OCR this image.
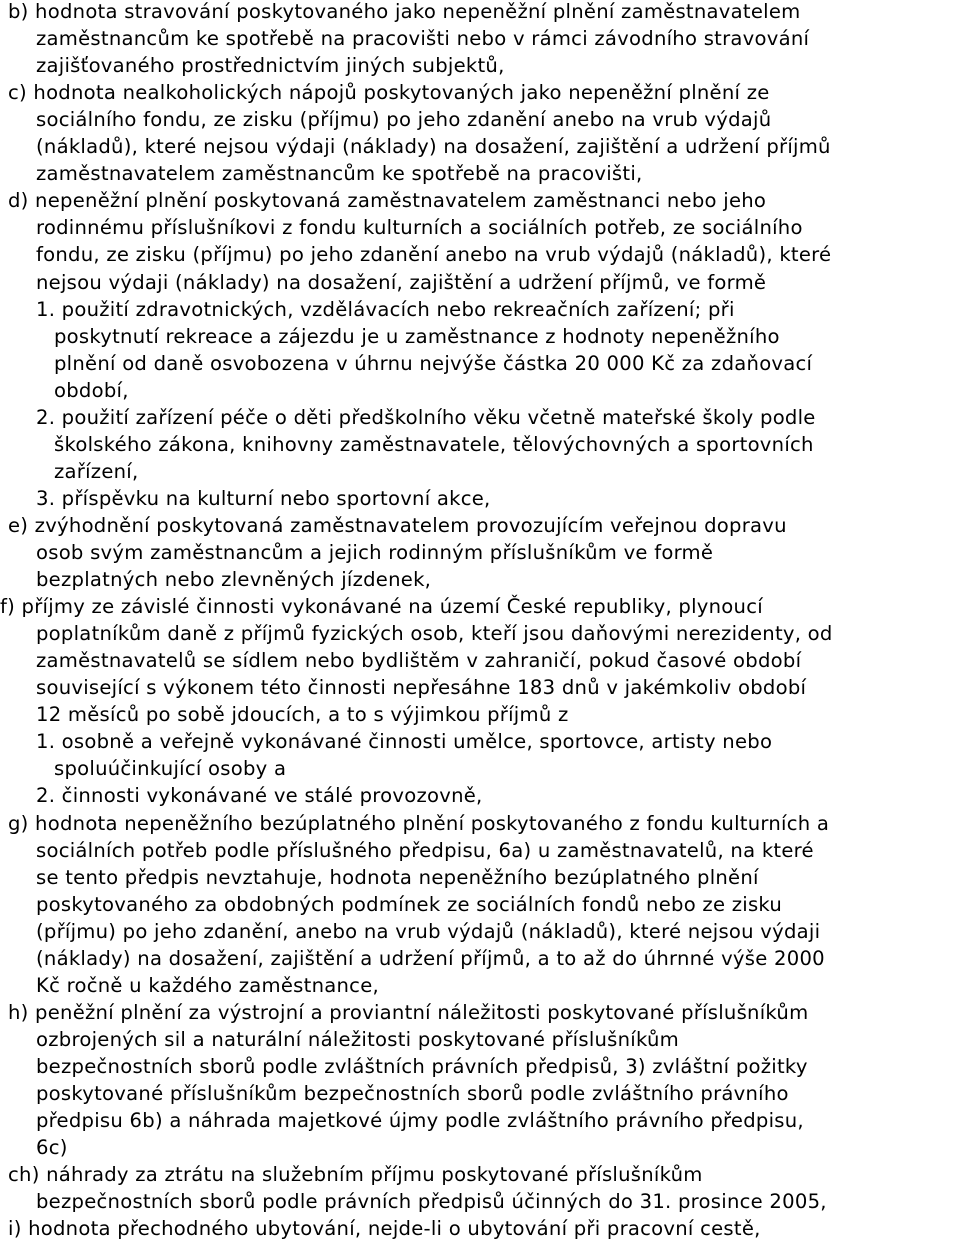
b) hodnota stravování poskytovaného jako nepeněžní plnění zaměstnavatelem
zaměstnancům ke spotřebě na pracovišti nebo v rámci závodního stravování
zajišťovaného prostřednictvím jiných subjektů,
c) hodnota nealkoholických nápojů poskytovaných jako nepeněžní plnění ze
sociálního fondu, ze zisku (příjmu) po jeho zdanění anebo na vrub výdajů
(nákladů), které nejsou výdaji (náklady) na dosažení, zajištění a udržení příjmů
zaměstnavatelem zaměstnancům ke spotřebě na pracovišti,
d) nepeněžní plnění poskytovaná zaměstnavatelem zaměstnanci nebo jeho
rodinnému příslušníkovi z fondu kulturních a sociálních potřeb, ze sociálního
fondu, ze zisku (příjmu) po jeho zdanění anebo na vrub výdajů (nákladů), které
nejsou výdaji (náklady) na dosažení, zajištění a udržení příjmů, ve formě
1. použití zdravotnických, vzdělávacích nebo rekreačních zařízení; při
poskytnutí rekreace a zájezdu je u zaměstnance z hodnoty nepeněžního
plnění od daně osvobozena v úhrnu nejvýše částka 20 000 Kč za zdaňovací
období,
2. použití zařízení péče o děti předškolního věku včetně mateřské školy podle
školského zákona, knihovny zaměstnavatele, tělovýchovných a sportovních
zařízení,
3. příspěvku na kulturní nebo sportovní akce,
e) zvýhodnění poskytovaná zaměstnavatelem provozujícím veřejnou dopravu
osob svým zaměstnancům a jejich rodinným příslušníkům ve formě
bezplatných nebo zlevněných jízdenek,
f) příjmy ze závislé činnosti vykonávané na území České republiky, plynoucí
poplatníkům daně z příjmů fyzických osob, kteří jsou daňovými nerezidenty, od
zaměstnavatelů se sídlem nebo bydlištěm v zahraničí, pokud časové období
související s výkonem této činnosti nepřesáhne 183 dnů v jakémkoliv období
12 měsíců po sobě jdoucích, a to s výjimkou příjmů z
1. osobně a veřejně vykonávané činnosti umělce, sportovce, artisty nebo
spoluúčinkující osoby a
2. činnosti vykonávané ve stálé provozovně,
g) hodnota nepeněžního bezúplatného plnění poskytovaného z fondu kulturních a
sociálních potřeb podle příslušného předpisu, 6a) u zaměstnavatelů, na které
se tento předpis nevztahuje, hodnota nepeněžního bezúplatného plnění
poskytovaného za obdobných podmínek ze sociálních fondů nebo ze zisku
(příjmu) po jeho zdanění, anebo na vrub výdajů (nákladů), které nejsou výdaji
(náklady) na dosažení, zajištění a udržení příjmů, a to až do úhrnné výše 2000
Kč ročně u každého zaměstnance,
h) peněžní plnění za výstrojní a proviantní náležitosti poskytované příslušníkům
ozbrojených sil a naturální náležitosti poskytované příslušníkům
bezpečnostních sborů podle zvláštních právních předpisů, 3) zvláštní požitky
poskytované příslušníkům bezpečnostních sborů podle zvláštního právního
předpisu 6b) a náhrada majetkové újmy podle zvláštního právního předpisu,
6c)
ch) náhrady za ztrátu na služebním příjmu poskytované příslušníkům
bezpečnostních sborů podle právních předpisů účinných do 31. prosince 2005,
i) hodnota přechodného ubytování, nejde-li o ubytování při pracovní cestě,
